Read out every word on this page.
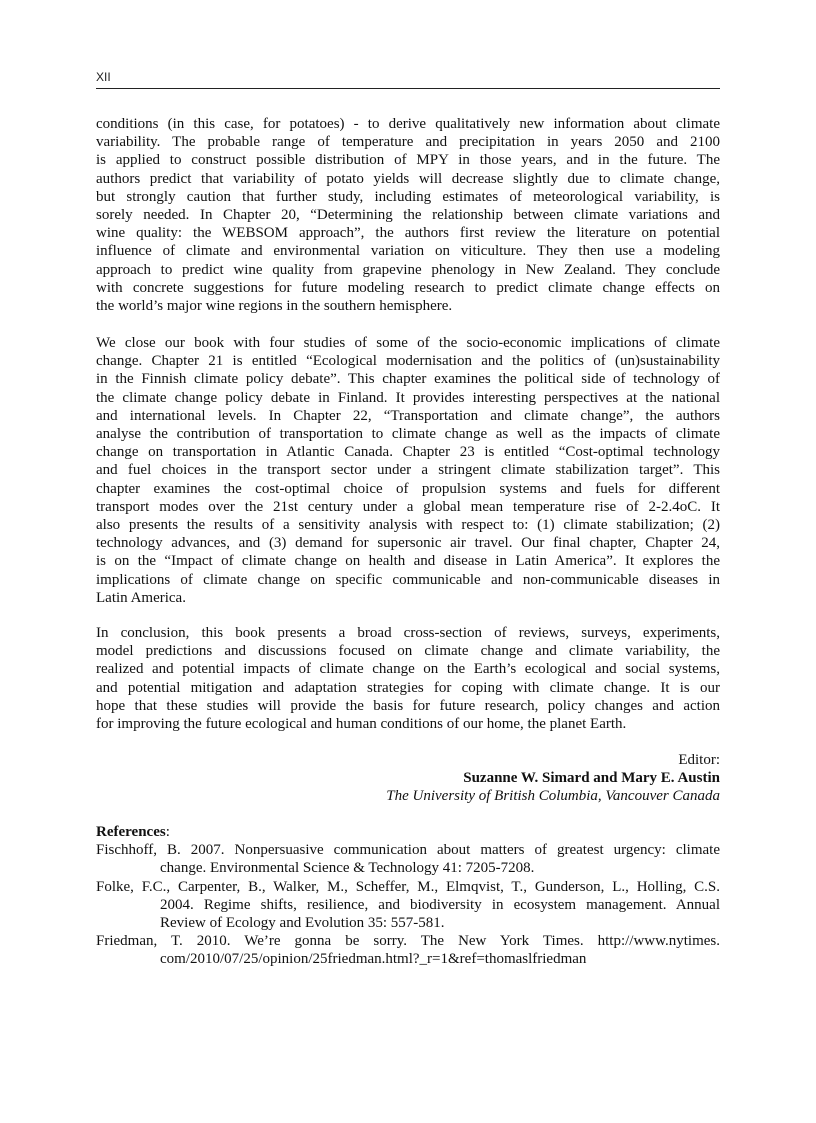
XII
conditions (in this case, for potatoes) - to derive qualitatively new information about climate
variability. The probable range of temperature and precipitation in years 2050 and 2100
is applied to construct possible distribution of MPY in those years, and in the future. The
authors predict that variability of potato yields will decrease slightly due to climate change,
but strongly caution that further study, including estimates of meteorological variability, is
sorely needed. In Chapter 20, “Determining the relationship between climate variations and
wine quality: the WEBSOM approach”, the authors first review the literature on potential
influence of climate and environmental variation on viticulture. They then use a modeling
approach to predict wine quality from grapevine phenology in New Zealand. They conclude
with concrete suggestions for future modeling research to predict climate change effects on
the world’s major wine regions in the southern hemisphere.
We close our book with four studies of some of the socio-economic implications of climate
change. Chapter 21 is entitled “Ecological modernisation and the politics of (un)sustainability
in the Finnish climate policy debate”. This chapter examines the political side of technology of
the climate change policy debate in Finland. It provides interesting perspectives at the national
and international levels. In Chapter 22, “Transportation and climate change”, the authors
analyse the contribution of transportation to climate change as well as the impacts of climate
change on transportation in Atlantic Canada. Chapter 23 is entitled “Cost-optimal technology
and fuel choices in the transport sector under a stringent climate stabilization target”. This
chapter examines the cost-optimal choice of propulsion systems and fuels for different
transport modes over the 21st century under a global mean temperature rise of 2-2.4oC. It
also presents the results of a sensitivity analysis with respect to: (1) climate stabilization; (2)
technology advances, and (3) demand for supersonic air travel. Our final chapter, Chapter 24,
is on the “Impact of climate change on health and disease in Latin America”. It explores the
implications of climate change on specific communicable and non-communicable diseases in
Latin America.
In conclusion, this book presents a broad cross-section of reviews, surveys, experiments,
model predictions and discussions focused on climate change and climate variability, the
realized and potential impacts of climate change on the Earth’s ecological and social systems,
and potential mitigation and adaptation strategies for coping with climate change. It is our
hope that these studies will provide the basis for future research, policy changes and action
for improving the future ecological and human conditions of our home, the planet Earth.
Editor:
Suzanne W. Simard and Mary E. Austin
The University of British Columbia, Vancouver Canada
References:
Fischhoff, B. 2007. Nonpersuasive communication about matters of greatest urgency: climate
change. Environmental Science & Technology 41: 7205-7208.
Folke, F.C., Carpenter, B., Walker, M., Scheffer, M., Elmqvist, T., Gunderson, L., Holling, C.S.
2004. Regime shifts, resilience, and biodiversity in ecosystem management. Annual
Review of Ecology and Evolution 35: 557-581.
Friedman, T. 2010. We’re gonna be sorry. The New York Times. http://www.nytimes.
com/2010/07/25/opinion/25friedman.html?_r=1&ref=thomaslfriedman
